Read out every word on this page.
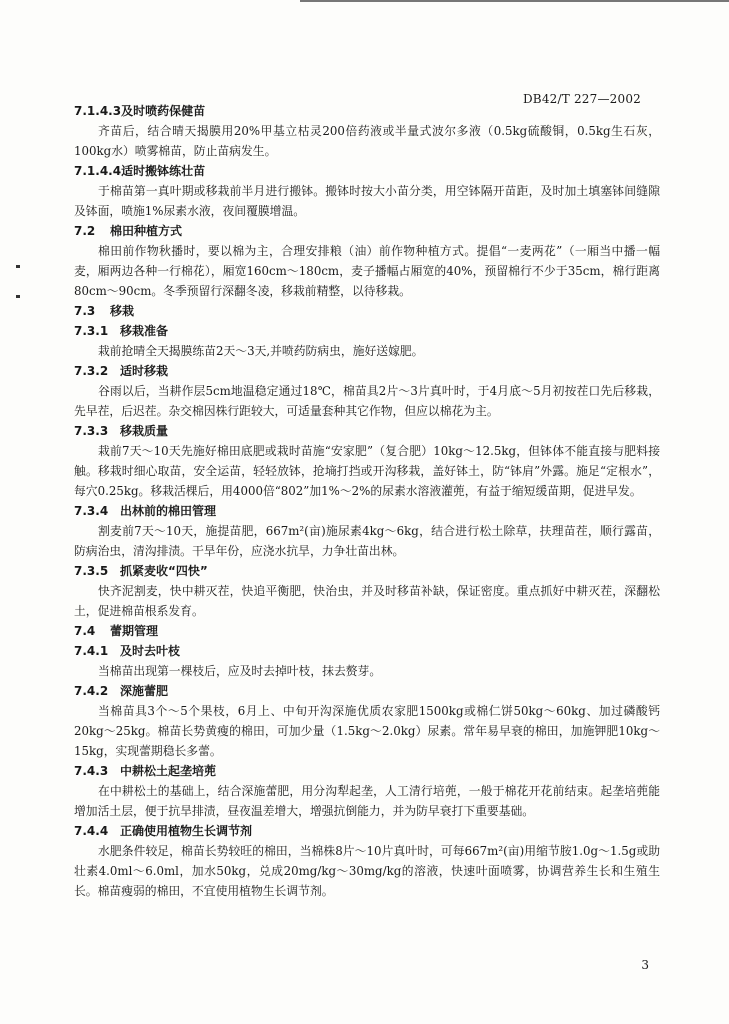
DB42/T 227—2002
7.1.4.3及时喷药保健苗

齐苗后，结合晴天揭膜用20%甲基立枯灵200倍药液或半量式波尔多液（0.5kg硫酸铜，0.5kg生石灰，100kg水）喷雾棉苗，防止苗病发生。

7.1.4.4适时搬钵练壮苗

于棉苗第一真叶期或移栽前半月进行搬钵。搬钵时按大小苗分类，用空钵隔开苗距，及时加土填塞钵间缝隙及钵面，喷施1%尿素水液，夜间覆膜增温。

7.2 棉田种植方式

棉田前作物秋播时，要以棉为主，合理安排粮（油）前作物种植方式。提倡“一麦两花”（一厢当中播一幅麦，厢两边各种一行棉花），厢宽160cm～180cm，麦子播幅占厢宽的40%，预留棉行不少于35cm，棉行距离80cm～90cm。冬季预留行深翻冬凌，移栽前精整，以待移栽。

7.3 移栽
7.3.1 移栽准备

栽前抢晴全天揭膜练苗2天～3天,并喷药防病虫，施好送嫁肥。

7.3.2 适时移栽

谷雨以后，当耕作层5cm地温稳定通过18℃，棉苗具2片～3片真叶时，于4月底～5月初按茬口先后移栽，先早茬，后迟茬。杂交棉因株行距较大，可适量套种其它作物，但应以棉花为主。

7.3.3 移栽质量

栽前7天～10天先施好棉田底肥或栽时苗施“安家肥”（复合肥）10kg～12.5kg，但钵体不能直接与肥料接触。移栽时细心取苗，安全运苗，轻轻放钵，抢墒打挡或开沟移栽，盖好钵土，防“钵肩”外露。施足“定根水”，每穴0.25kg。移栽活棵后，用4000倍“802”加1%～2%的尿素水溶液灌蔸，有益于缩短缓苗期，促进早发。

7.3.4 出林前的棉田管理

割麦前7天～10天，施提苗肥，667m²(亩)施尿素4kg～6kg，结合进行松土除草，扶理苗茬，顺行露苗，防病治虫，清沟排渍。干旱年份，应浇水抗旱，力争壮苗出林。

7.3.5 抓紧麦收“四快”

快齐泥割麦，快中耕灭茬，快追平衡肥，快治虫，并及时移苗补缺，保证密度。重点抓好中耕灭茬，深翻松土，促进棉苗根系发育。

7.4 蕾期管理
7.4.1 及时去叶枝

当棉苗出现第一棵枝后，应及时去掉叶枝，抹去赘芽。

7.4.2 深施蕾肥

当棉苗具3个～5个果枝，6月上、中旬开沟深施优质农家肥1500kg或棉仁饼50kg～60kg、加过磷酸钙20kg～25kg。棉苗长势黄瘦的棉田，可加少量（1.5kg～2.0kg）尿素。常年易早衰的棉田，加施钾肥10kg～15kg，实现蕾期稳长多蕾。

7.4.3 中耕松土起垄培蔸

在中耕松土的基础上，结合深施蕾肥，用分沟犁起垄，人工清行培蔸，一般于棉花开花前结束。起垄培蔸能增加活土层，便于抗旱排渍，昼夜温差增大，增强抗倒能力，并为防早衰打下重要基础。

7.4.4 正确使用植物生长调节剂

水肥条件较足，棉苗长势较旺的棉田，当棉株8片～10片真叶时，可每667m²(亩)用缩节胺1.0g～1.5g或助壮素4.0ml～6.0ml，加水50kg，兑成20mg/kg～30mg/kg的溶液，快速叶面喷雾，协调营养生长和生殖生长。棉苗瘦弱的棉田，不宜使用植物生长调节剂。

3
